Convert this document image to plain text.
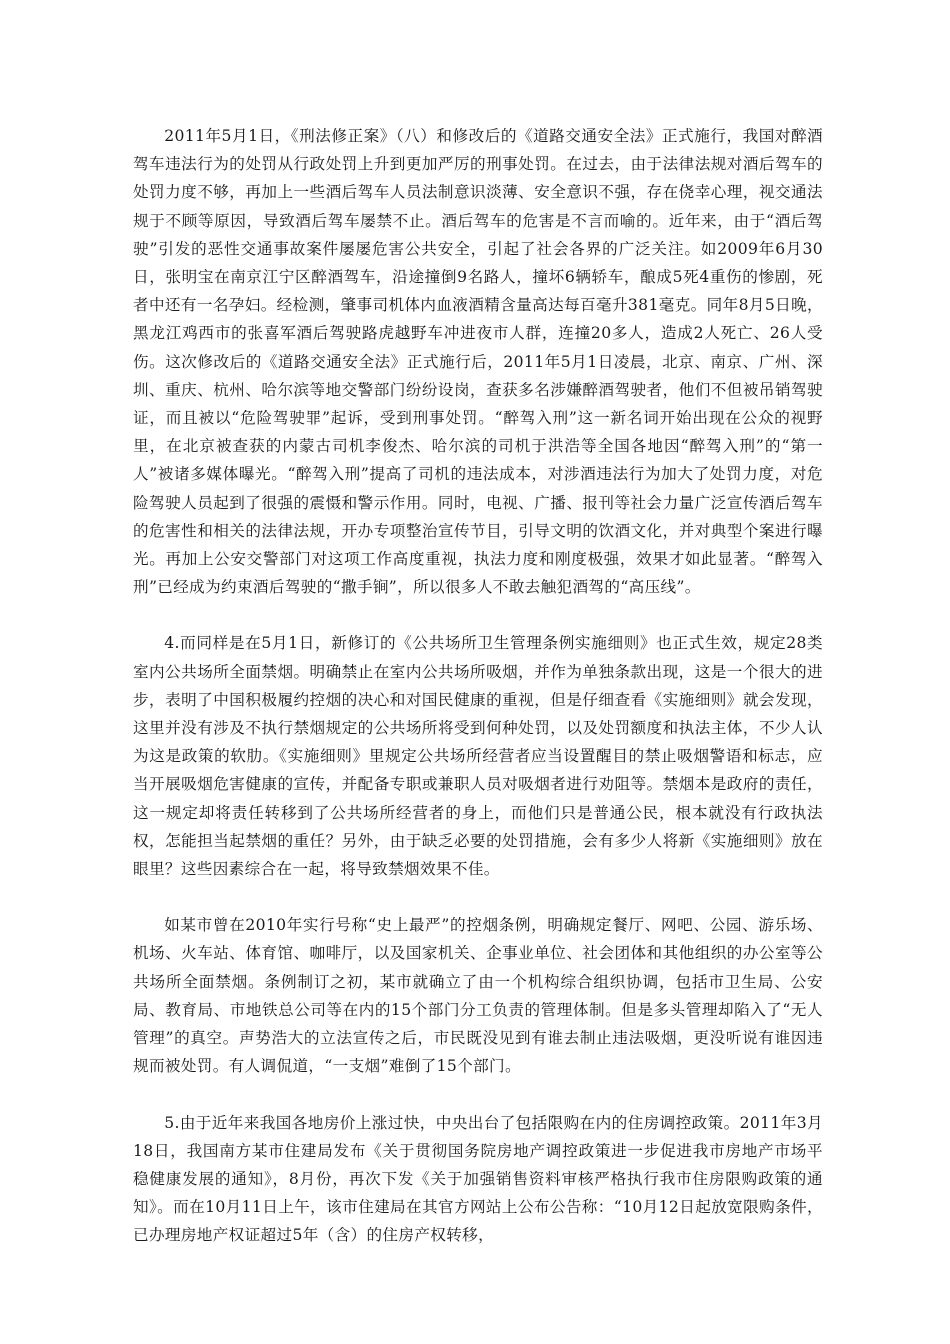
2011年5月1日，《刑法修正案》（八）和修改后的《道路交通安全法》正式施行，我国对醉酒驾车违法行为的处罚从行政处罚上升到更加严厉的刑事处罚。在过去，由于法律法规对酒后驾车的处罚力度不够，再加上一些酒后驾车人员法制意识淡薄、安全意识不强，存在侥幸心理，视交通法规于不顾等原因，导致酒后驾车屡禁不止。酒后驾车的危害是不言而喻的。近年来，由于“酒后驾驶”引发的恶性交通事故案件屡屡危害公共安全，引起了社会各界的广泛关注。如2009年6月30日，张明宝在南京江宁区醉酒驾车，沿途撞倒9名路人，撞坏6辆轿车，酿成5死4重伤的惨剧，死者中还有一名孕妇。经检测，肇事司机体内血液酒精含量高达每百毫升381毫克。同年8月5日晚，黑龙江鸡西市的张喜军酒后驾驶路虎越野车冲进夜市人群，连撞20多人，造成2人死亡、26人受伤。这次修改后的《道路交通安全法》正式施行后，2011年5月1日凌晨，北京、南京、广州、深圳、重庆、杭州、哈尔滨等地交警部门纷纷设岗，查获多名涉嫌醉酒驾驶者，他们不但被吊销驾驶证，而且被以“危险驾驶罪”起诉，受到刑事处罚。“醉驾入刑”这一新名词开始出现在公众的视野里，在北京被查获的内蒙古司机李俊杰、哈尔滨的司机于洪浩等全国各地因“醉驾入刑”的“第一人”被诸多媒体曝光。“醉驾入刑”提高了司机的违法成本，对涉酒违法行为加大了处罚力度，对危险驾驶人员起到了很强的震慑和警示作用。同时，电视、广播、报刊等社会力量广泛宣传酒后驾车的危害性和相关的法律法规，开办专项整治宣传节目，引导文明的饮酒文化，并对典型个案进行曝光。再加上公安交警部门对这项工作高度重视，执法力度和刚度极强，效果才如此显著。“醉驾入刑”已经成为约束酒后驾驶的“撒手锏”，所以很多人不敢去触犯酒驾的“高压线”。

4.而同样是在5月1日，新修订的《公共场所卫生管理条例实施细则》也正式生效，规定28类室内公共场所全面禁烟。明确禁止在室内公共场所吸烟，并作为单独条款出现，这是一个很大的进步，表明了中国积极履约控烟的决心和对国民健康的重视，但是仔细查看《实施细则》就会发现，这里并没有涉及不执行禁烟规定的公共场所将受到何种处罚，以及处罚额度和执法主体，不少人认为这是政策的软肋。《实施细则》里规定公共场所经营者应当设置醒目的禁止吸烟警语和标志，应当开展吸烟危害健康的宣传，并配备专职或兼职人员对吸烟者进行劝阻等。禁烟本是政府的责任，这一规定却将责任转移到了公共场所经营者的身上，而他们只是普通公民，根本就没有行政执法权，怎能担当起禁烟的重任？另外，由于缺乏必要的处罚措施，会有多少人将新《实施细则》放在眼里？这些因素综合在一起，将导致禁烟效果不佳。

如某市曾在2010年实行号称“史上最严”的控烟条例，明确规定餐厅、网吧、公园、游乐场、机场、火车站、体育馆、咖啡厅，以及国家机关、企事业单位、社会团体和其他组织的办公室等公共场所全面禁烟。条例制订之初，某市就确立了由一个机构综合组织协调，包括市卫生局、公安局、教育局、市地铁总公司等在内的15个部门分工负责的管理体制。但是多头管理却陷入了“无人管理”的真空。声势浩大的立法宣传之后，市民既没见到有谁去制止违法吸烟，更没听说有谁因违规而被处罚。有人调侃道，“一支烟”难倒了15个部门。

5.由于近年来我国各地房价上涨过快，中央出台了包括限购在内的住房调控政策。2011年3月18日，我国南方某市住建局发布《关于贯彻国务院房地产调控政策进一步促进我市房地产市场平稳健康发展的通知》，8月份，再次下发《关于加强销售资料审核严格执行我市住房限购政策的通知》。而在10月11日上午，该市住建局在其官方网站上公布公告称：“10月12日起放宽限购条件，已办理房地产权证超过5年（含）的住房产权转移，
